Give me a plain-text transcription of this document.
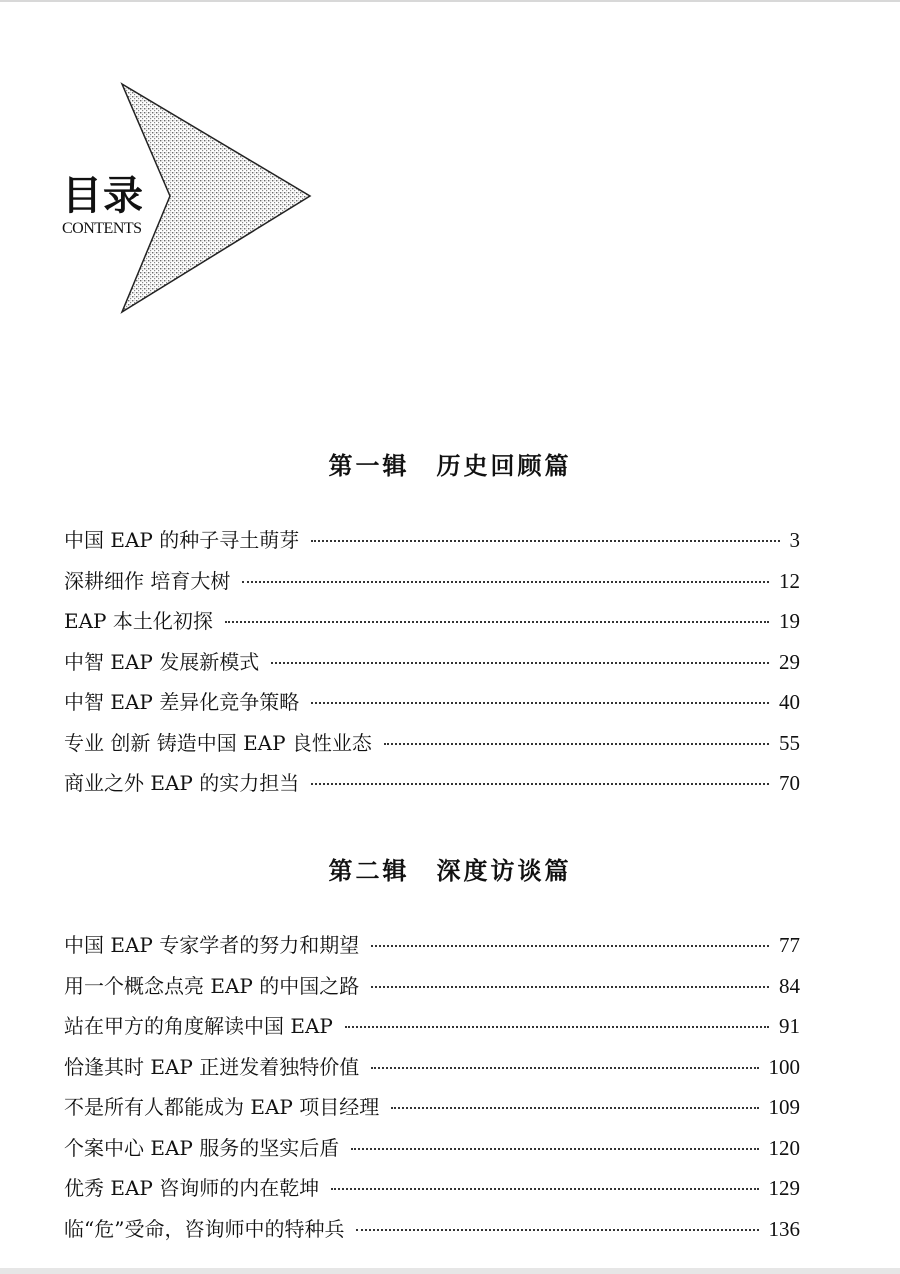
目录
CONTENTS
第一辑　历史回顾篇
中国 EAP 的种子寻土萌芽	3
深耕细作 培育大树	12
EAP 本土化初探	19
中智 EAP 发展新模式	29
中智 EAP 差异化竞争策略	40
专业 创新 铸造中国 EAP 良性业态	55
商业之外 EAP 的实力担当	70
第二辑　深度访谈篇
中国 EAP 专家学者的努力和期望	77
用一个概念点亮 EAP 的中国之路	84
站在甲方的角度解读中国 EAP	91
恰逢其时 EAP 正迸发着独特价值	100
不是所有人都能成为 EAP 项目经理	109
个案中心 EAP 服务的坚实后盾	120
优秀 EAP 咨询师的内在乾坤	129
临“危”受命，咨询师中的特种兵	136
